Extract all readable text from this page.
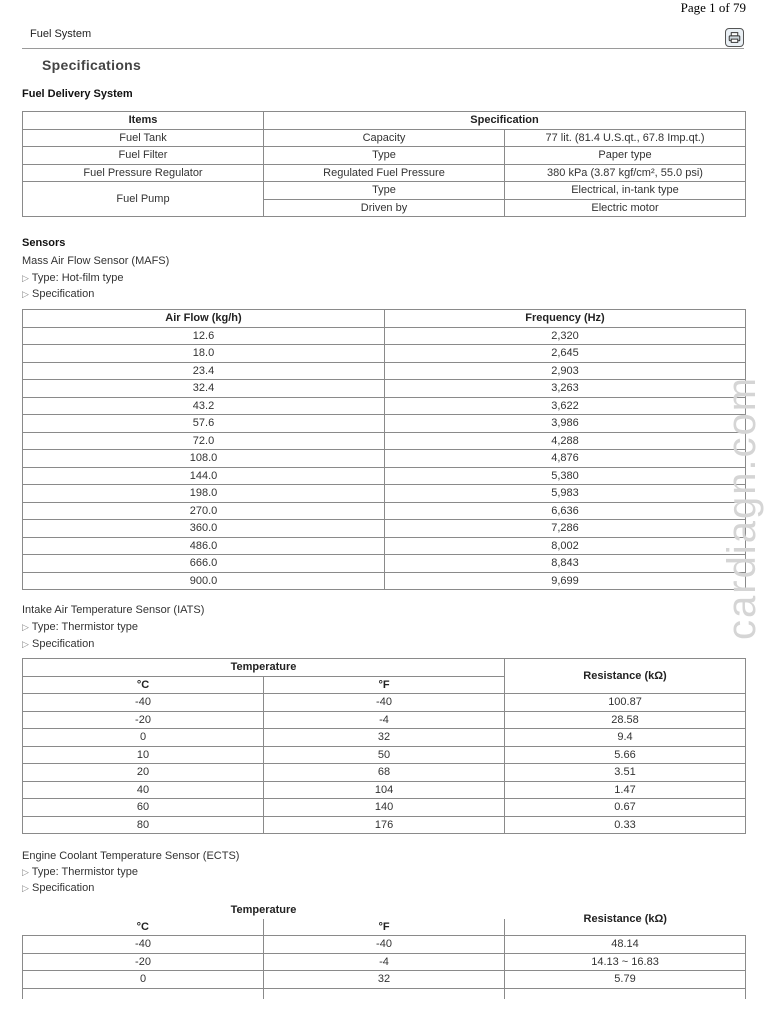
Page 1 of 79
Fuel System
Specifications
Fuel Delivery System
Items	Specification	
Fuel Tank	Capacity	77 lit. (81.4 U.S.qt., 67.8 Imp.qt.)
Fuel Filter	Type	Paper type
Fuel Pressure Regulator	Regulated Fuel Pressure	380 kPa (3.87 kgf/cm², 55.0 psi)
Fuel Pump	Type	Electrical, in-tank type
	Driven by	Electric motor
Sensors
Mass Air Flow Sensor (MAFS)
▷ Type: Hot-film type
▷ Specification
Air Flow (kg/h)	Frequency (Hz)
12.6	2,320
18.0	2,645
23.4	2,903
32.4	3,263
43.2	3,622
57.6	3,986
72.0	4,288
108.0	4,876
144.0	5,380
198.0	5,983
270.0	6,636
360.0	7,286
486.0	8,002
666.0	8,843
900.0	9,699
Intake Air Temperature Sensor (IATS)
▷ Type: Thermistor type
▷ Specification
Temperature		Resistance (kΩ)
°C	°F	
-40	-40	100.87
-20	-4	28.58
0	32	9.4
10	50	5.66
20	68	3.51
40	104	1.47
60	140	0.67
80	176	0.33
Engine Coolant Temperature Sensor (ECTS)
▷ Type: Thermistor type
▷ Specification
Temperature		Resistance (kΩ)
°C	°F	
-40	-40	48.14
-20	-4	14.13 ~ 16.83
0	32	5.79

cardiagn.com
